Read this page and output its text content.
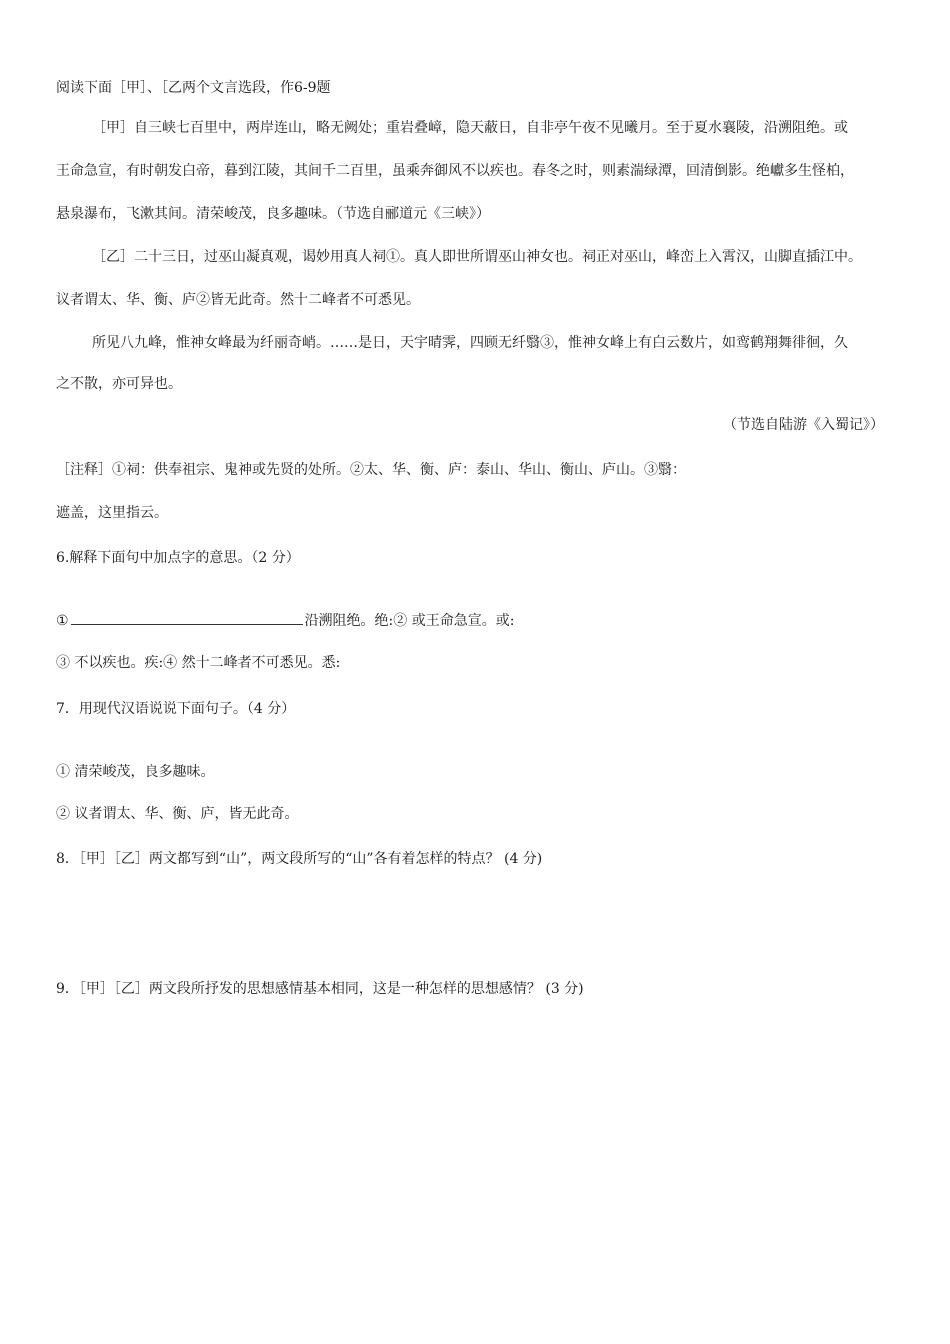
阅读下面［甲］、［乙两个文言选段，作6-9题
［甲］自三峡七百里中，两岸连山，略无阙处；重岩叠嶂，隐天蔽日，自非亭午夜不见曦月。至于夏水襄陵，沿溯阻绝。或
王命急宣，有时朝发白帝，暮到江陵，其间千二百里，虽乘奔御风不以疾也。春冬之时，则素湍绿潭，回清倒影。绝巘多生怪柏，
悬泉瀑布，飞漱其间。清荣峻茂，良多趣味。（节选自郦道元《三峡》）
［乙］二十三日，过巫山凝真观，谒妙用真人祠①。真人即世所谓巫山神女也。祠正对巫山，峰峦上入霄汉，山脚直插江中。
议者谓太、华、衡、庐②皆无此奇。然十二峰者不可悉见。
所见八九峰，惟神女峰最为纤丽奇峭。……是日，天宇晴霁，四顾无纤翳③，惟神女峰上有白云数片，如鸾鹤翔舞徘徊，久
之不散，亦可异也。
（节选自陆游《入蜀记》）
［注释］①祠：供奉祖宗、鬼神或先贤的处所。②太、华、衡、庐：泰山、华山、衡山、庐山。③翳：
遮盖，这里指云。
6.解释下面句中加点字的意思。（2 分）
①	沿溯阻绝。绝:② 或王命急宣。或:
③ 不以疾也。疾:④ 然十二峰者不可悉见。悉:
7．用现代汉语说说下面句子。（4 分）
① 清荣峻茂，良多趣味。
② 议者谓太、华、衡、庐，皆无此奇。
8．［甲］［乙］两文都写到“山”，两文段所写的“山”各有着怎样的特点？ (4 分)
9．［甲］［乙］两文段所抒发的思想感情基本相同，这是一种怎样的思想感情？ (3 分)
